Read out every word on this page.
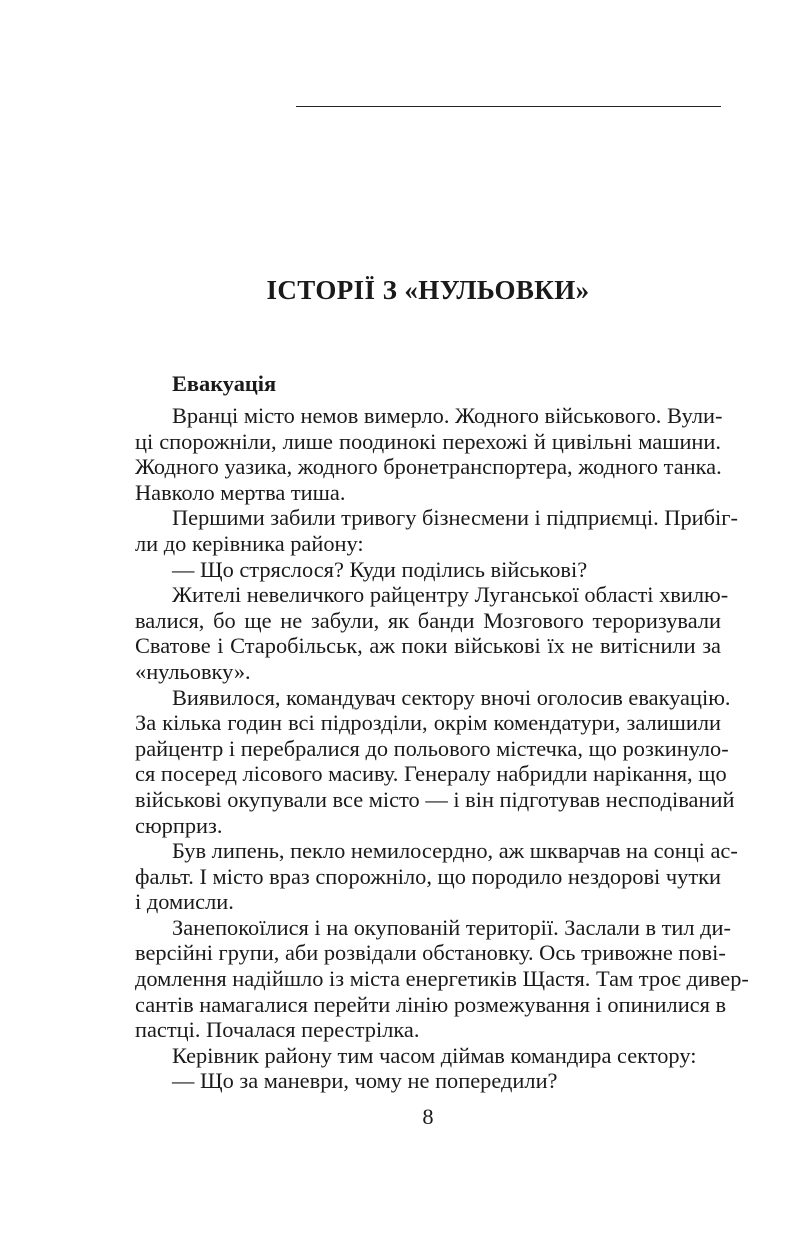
ІСТОРІЇ З «НУЛЬОВКИ»
Евакуація
Вранці місто немов вимерло. Жодного військового. Вули-
ці спорожніли, лише поодинокі перехожі й цивільні машини.
Жодного уазика, жодного бронетранспортера, жодного танка.
Навколо мертва тиша.
Першими забили тривогу бізнесмени і підприємці. Прибіг-
ли до керівника району:
— Що стряслося? Куди поділись військові?
Жителі невеличкого райцентру Луганської області хвилю-
валися, бо ще не забули, як банди Мозгового тероризували
Сватове і Старобільськ, аж поки військові їх не витіснили за
«нульовку».
Виявилося, командувач сектору вночі оголосив евакуацію.
За кілька годин всі підрозділи, окрім комендатури, залишили
райцентр і перебралися до польового містечка, що розкинуло-
ся посеред лісового масиву. Генералу набридли нарікання, що
військові окупували все місто — і він підготував несподіваний
сюрприз.
Був липень, пекло немилосердно, аж шкварчав на сонці ас-
фальт. І місто враз спорожніло, що породило нездорові чутки
і домисли.
Занепокоїлися і на окупованій території. Заслали в тил ди-
версійні групи, аби розвідали обстановку. Ось тривожне пові-
домлення надійшло із міста енергетиків Щастя. Там троє дивер-
сантів намагалися перейти лінію розмежування і опинилися в
пастці. Почалася перестрілка.
Керівник району тим часом діймав командира сектору:
— Що за маневри, чому не попередили?
8
